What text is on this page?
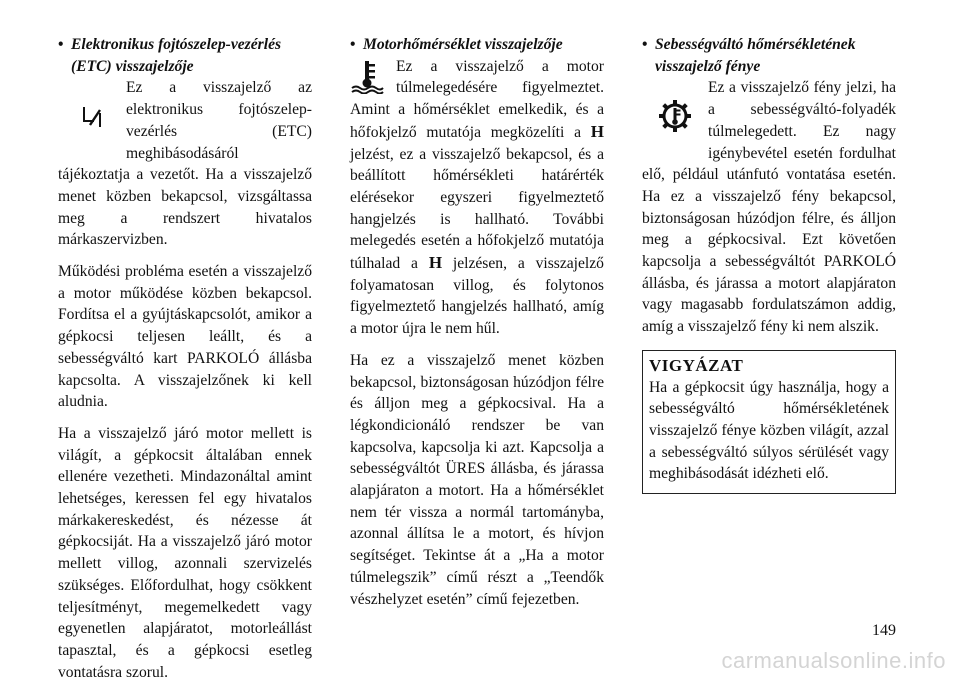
• Elektronikus fojtószelep-vezérlés (ETC) visszajelzője

Ez a visszajelző az elektronikus fojtószelep-vezérlés (ETC) meghibásodásáról tájékoztatja a vezetőt. Ha a visszajelző menet közben bekapcsol, vizsgáltassa meg a rendszert hivatalos márkaszervizben.

Működési probléma esetén a visszajelző a motor működése közben bekapcsol. Fordítsa el a gyújtáskapcsolót, amikor a gépkocsi teljesen leállt, és a sebességváltó kart PARKOLÓ állásba kapcsolta. A visszajelzőnek ki kell aludnia.

Ha a visszajelző járó motor mellett is világít, a gépkocsit általában ennek ellenére vezetheti. Mindazonáltal amint lehetséges, keressen fel egy hivatalos márkakereskedést, és nézesse át gépkocsiját. Ha a visszajelző járó motor mellett villog, azonnali szervizelés szükséges. Előfordulhat, hogy csökkent teljesítményt, megemelkedett vagy egyenetlen alapjáratot, motorleállást tapasztal, és a gépkocsi esetleg vontatásra szorul.

• Motorhőmérséklet visszajelzője

Ez a visszajelző a motor túlmelegedésére figyelmeztet. Amint a hőmérséklet emelkedik, és a hőfokjelző mutatója megközelíti a H jelzést, ez a visszajelző bekapcsol, és a beállított hőmérsékleti határérték elérésekor egyszeri figyelmeztető hangjelzés is hallható. További melegedés esetén a hőfokjelző mutatója túlhalad a H jelzésen, a visszajelző folyamatosan villog, és folytonos figyelmeztető hangjelzés hallható, amíg a motor újra le nem hűl.

Ha ez a visszajelző menet közben bekapcsol, biztonságosan húzódjon félre és álljon meg a gépkocsival. Ha a légkondicionáló rendszer be van kapcsolva, kapcsolja ki azt. Kapcsolja a sebességváltót ÜRES állásba, és járassa alapjáraton a motort. Ha a hőmérséklet nem tér vissza a normál tartományba, azonnal állítsa le a motort, és hívjon segítséget. Tekintse át a „Ha a motor túlmelegszik” című részt a „Teendők vészhelyzet esetén” című fejezetben.

• Sebességváltó hőmérsékletének visszajelző fénye

Ez a visszajelző fény jelzi, ha a sebességváltó-folyadék túlmelegedett. Ez nagy igénybevétel esetén fordulhat elő, például utánfutó vontatása esetén. Ha ez a visszajelző fény bekapcsol, biztonságosan húzódjon félre, és álljon meg a gépkocsival. Ezt követően kapcsolja a sebességváltót PARKOLÓ állásba, és járassa a motort alapjáraton vagy magasabb fordulatszámon addig, amíg a visszajelző fény ki nem alszik.

VIGYÁZAT

Ha a gépkocsit úgy használja, hogy a sebességváltó hőmérsékletének visszajelző fénye közben világít, azzal a sebességváltó súlyos sérülését vagy meghibásodását idézheti elő.

149
carmanualsonline.info
